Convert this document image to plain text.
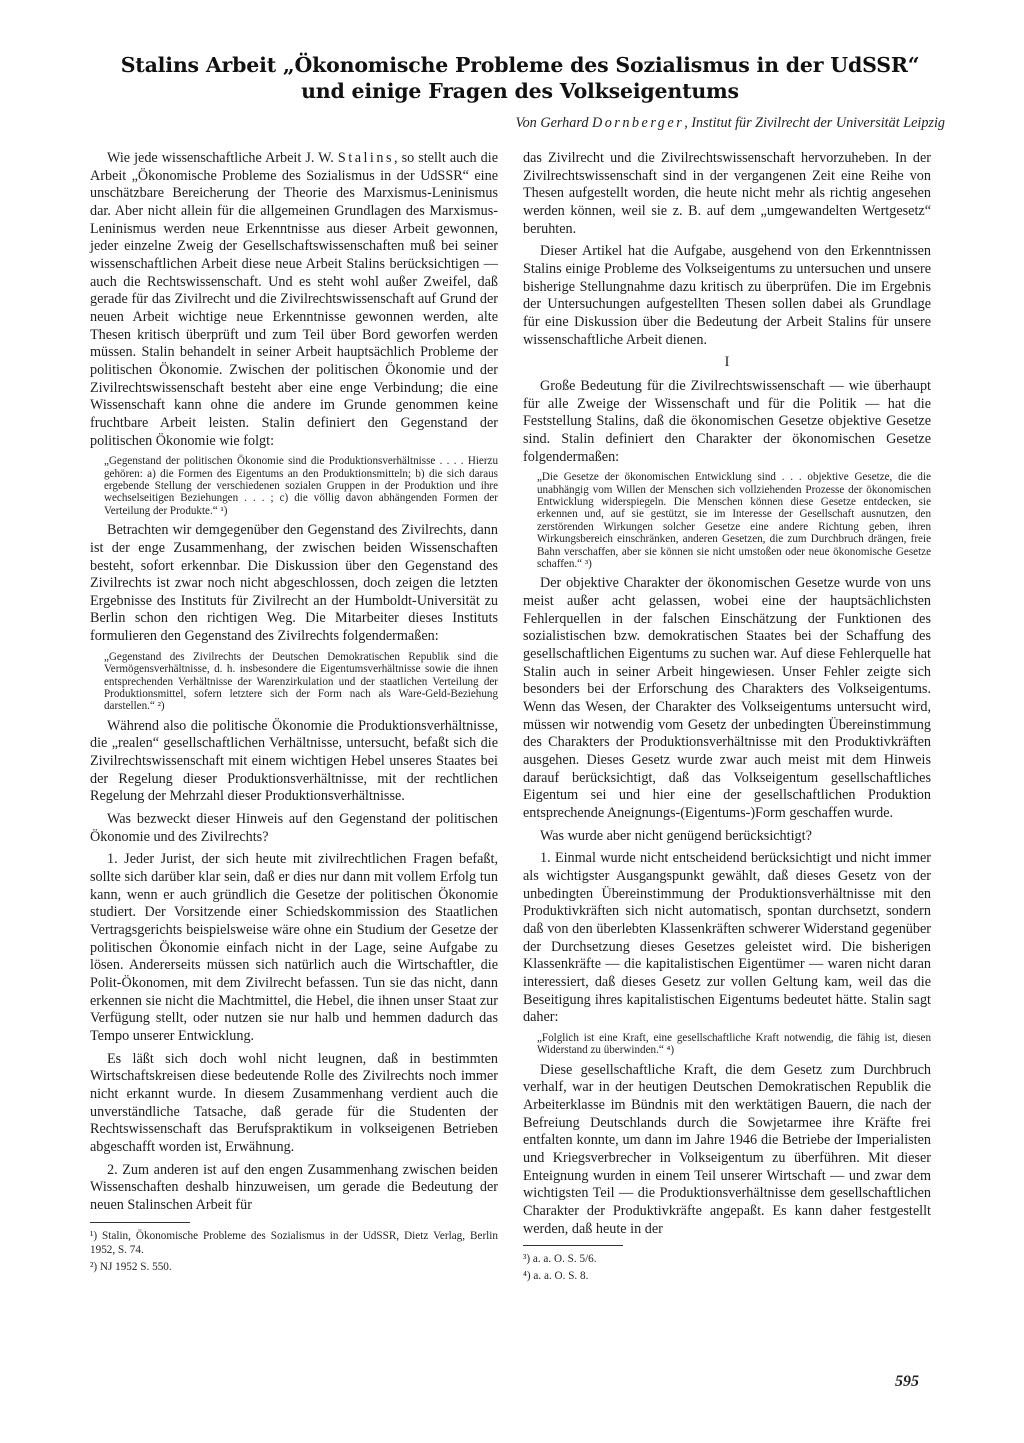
Stalins Arbeit „Ökonomische Probleme des Sozialismus in der UdSSR“
und einige Fragen des Volkseigentums
Von Gerhard Dornberger, Institut für Zivilrecht der Universität Leipzig

Wie jede wissenschaftliche Arbeit J. W. Stalins, so stellt auch die Arbeit „Ökonomische Probleme des Sozialismus in der UdSSR“ eine unschätzbare Bereicherung der Theorie des Marxismus-Leninismus dar. Aber nicht allein für die allgemeinen Grundlagen des Marxismus-Leninismus werden neue Erkenntnisse aus dieser Arbeit gewonnen, jeder einzelne Zweig der Gesellschaftswissenschaften muß bei seiner wissenschaftlichen Arbeit diese neue Arbeit Stalins berücksichtigen — auch die Rechtswissenschaft. Und es steht wohl außer Zweifel, daß gerade für das Zivilrecht und die Zivilrechtswissenschaft auf Grund der neuen Arbeit wichtige neue Erkenntnisse gewonnen werden, alte Thesen kritisch überprüft und zum Teil über Bord geworfen werden müssen. Stalin behandelt in seiner Arbeit hauptsächlich Probleme der politischen Ökonomie. Zwischen der politischen Ökonomie und der Zivilrechtswissenschaft besteht aber eine enge Verbindung; die eine Wissenschaft kann ohne die andere im Grunde genommen keine fruchtbare Arbeit leisten. Stalin definiert den Gegenstand der politischen Ökonomie wie folgt:

„Gegenstand der politischen Ökonomie sind die Produktionsverhältnisse . . . . Hierzu gehören: a) die Formen des Eigentums an den Produktionsmitteln; b) die sich daraus ergebende Stellung der verschiedenen sozialen Gruppen in der Produktion und ihre wechselseitigen Beziehungen . . . ; c) die völlig davon abhängenden Formen der Verteilung der Produkte.“ ¹)

Betrachten wir demgegenüber den Gegenstand des Zivilrechts, dann ist der enge Zusammenhang, der zwischen beiden Wissenschaften besteht, sofort erkennbar. Die Diskussion über den Gegenstand des Zivilrechts ist zwar noch nicht abgeschlossen, doch zeigen die letzten Ergebnisse des Instituts für Zivilrecht an der Humboldt-Universität zu Berlin schon den richtigen Weg. Die Mitarbeiter dieses Instituts formulieren den Gegenstand des Zivilrechts folgendermaßen:

„Gegenstand des Zivilrechts der Deutschen Demokratischen Republik sind die Vermögensverhältnisse, d. h. insbesondere die Eigentumsverhältnisse sowie die ihnen entsprechenden Verhältnisse der Warenzirkulation und der staatlichen Verteilung der Produktionsmittel, sofern letztere sich der Form nach als Ware-Geld-Beziehung darstellen.“ ²)

Während also die politische Ökonomie die Produktionsverhältnisse, die „realen“ gesellschaftlichen Verhältnisse, untersucht, befaßt sich die Zivilrechtswissenschaft mit einem wichtigen Hebel unseres Staates bei der Regelung dieser Produktionsverhältnisse, mit der rechtlichen Regelung der Mehrzahl dieser Produktionsverhältnisse.

Was bezweckt dieser Hinweis auf den Gegenstand der politischen Ökonomie und des Zivilrechts?

1. Jeder Jurist, der sich heute mit zivilrechtlichen Fragen befaßt, sollte sich darüber klar sein, daß er dies nur dann mit vollem Erfolg tun kann, wenn er auch gründlich die Gesetze der politischen Ökonomie studiert. Der Vorsitzende einer Schiedskommission des Staatlichen Vertragsgerichts beispielsweise wäre ohne ein Studium der Gesetze der politischen Ökonomie einfach nicht in der Lage, seine Aufgabe zu lösen. Andererseits müssen sich natürlich auch die Wirtschaftler, die Polit-Ökonomen, mit dem Zivilrecht befassen. Tun sie das nicht, dann erkennen sie nicht die Machtmittel, die Hebel, die ihnen unser Staat zur Verfügung stellt, oder nutzen sie nur halb und hemmen dadurch das Tempo unserer Entwicklung.

Es läßt sich doch wohl nicht leugnen, daß in bestimmten Wirtschaftskreisen diese bedeutende Rolle des Zivilrechts noch immer nicht erkannt wurde. In diesem Zusammenhang verdient auch die unverständliche Tatsache, daß gerade für die Studenten der Rechtswissenschaft das Berufspraktikum in volkseigenen Betrieben abgeschafft worden ist, Erwähnung.

2. Zum anderen ist auf den engen Zusammenhang zwischen beiden Wissenschaften deshalb hinzuweisen, um gerade die Bedeutung der neuen Stalinschen Arbeit für

¹) Stalin, Ökonomische Probleme des Sozialismus in der UdSSR, Dietz Verlag, Berlin 1952, S. 74.
²) NJ 1952 S. 550.

das Zivilrecht und die Zivilrechtswissenschaft hervorzuheben. In der Zivilrechtswissenschaft sind in der vergangenen Zeit eine Reihe von Thesen aufgestellt worden, die heute nicht mehr als richtig angesehen werden können, weil sie z. B. auf dem „umgewandelten Wertgesetz“ beruhten.

Dieser Artikel hat die Aufgabe, ausgehend von den Erkenntnissen Stalins einige Probleme des Volkseigentums zu untersuchen und unsere bisherige Stellungnahme dazu kritisch zu überprüfen. Die im Ergebnis der Untersuchungen aufgestellten Thesen sollen dabei als Grundlage für eine Diskussion über die Bedeutung der Arbeit Stalins für unsere wissenschaftliche Arbeit dienen.

I

Große Bedeutung für die Zivilrechtswissenschaft — wie überhaupt für alle Zweige der Wissenschaft und für die Politik — hat die Feststellung Stalins, daß die ökonomischen Gesetze objektive Gesetze sind. Stalin definiert den Charakter der ökonomischen Gesetze folgendermaßen:

„Die Gesetze der ökonomischen Entwicklung sind . . . objektive Gesetze, die die unabhängig vom Willen der Menschen sich vollziehenden Prozesse der ökonomischen Entwicklung widerspiegeln. Die Menschen können diese Gesetze entdecken, sie erkennen und, auf sie gestützt, sie im Interesse der Gesellschaft ausnutzen, den zerstörenden Wirkungen solcher Gesetze eine andere Richtung geben, ihren Wirkungsbereich einschränken, anderen Gesetzen, die zum Durchbruch drängen, freie Bahn verschaffen, aber sie können sie nicht umstoßen oder neue ökonomische Gesetze schaffen.“ ³)

Der objektive Charakter der ökonomischen Gesetze wurde von uns meist außer acht gelassen, wobei eine der hauptsächlichsten Fehlerquellen in der falschen Einschätzung der Funktionen des sozialistischen bzw. demokratischen Staates bei der Schaffung des gesellschaftlichen Eigentums zu suchen war. Auf diese Fehlerquelle hat Stalin auch in seiner Arbeit hingewiesen. Unser Fehler zeigte sich besonders bei der Erforschung des Charakters des Volkseigentums. Wenn das Wesen, der Charakter des Volkseigentums untersucht wird, müssen wir notwendig vom Gesetz der unbedingten Übereinstimmung des Charakters der Produktionsverhältnisse mit den Produktivkräften ausgehen. Dieses Gesetz wurde zwar auch meist mit dem Hinweis darauf berücksichtigt, daß das Volkseigentum gesellschaftliches Eigentum sei und hier eine der gesellschaftlichen Produktion entsprechende Aneignungs-(Eigentums-)Form geschaffen wurde.

Was wurde aber nicht genügend berücksichtigt?

1. Einmal wurde nicht entscheidend berücksichtigt und nicht immer als wichtigster Ausgangspunkt gewählt, daß dieses Gesetz von der unbedingten Übereinstimmung der Produktionsverhältnisse mit den Produktivkräften sich nicht automatisch, spontan durchsetzt, sondern daß von den überlebten Klassenkräften schwerer Widerstand gegenüber der Durchsetzung dieses Gesetzes geleistet wird. Die bisherigen Klassenkräfte — die kapitalistischen Eigentümer — waren nicht daran interessiert, daß dieses Gesetz zur vollen Geltung kam, weil das die Beseitigung ihres kapitalistischen Eigentums bedeutet hätte. Stalin sagt daher:

„Folglich ist eine Kraft, eine gesellschaftliche Kraft notwendig, die fähig ist, diesen Widerstand zu überwinden.“ ⁴)

Diese gesellschaftliche Kraft, die dem Gesetz zum Durchbruch verhalf, war in der heutigen Deutschen Demokratischen Republik die Arbeiterklasse im Bündnis mit den werktätigen Bauern, die nach der Befreiung Deutschlands durch die Sowjetarmee ihre Kräfte frei entfalten konnte, um dann im Jahre 1946 die Betriebe der Imperialisten und Kriegsverbrecher in Volkseigentum zu überführen. Mit dieser Enteignung wurden in einem Teil unserer Wirtschaft — und zwar dem wichtigsten Teil — die Produktionsverhältnisse dem gesellschaftlichen Charakter der Produktivkräfte angepaßt. Es kann daher festgestellt werden, daß heute in der

³) a. a. O. S. 5/6.
⁴) a. a. O. S. 8.
595
